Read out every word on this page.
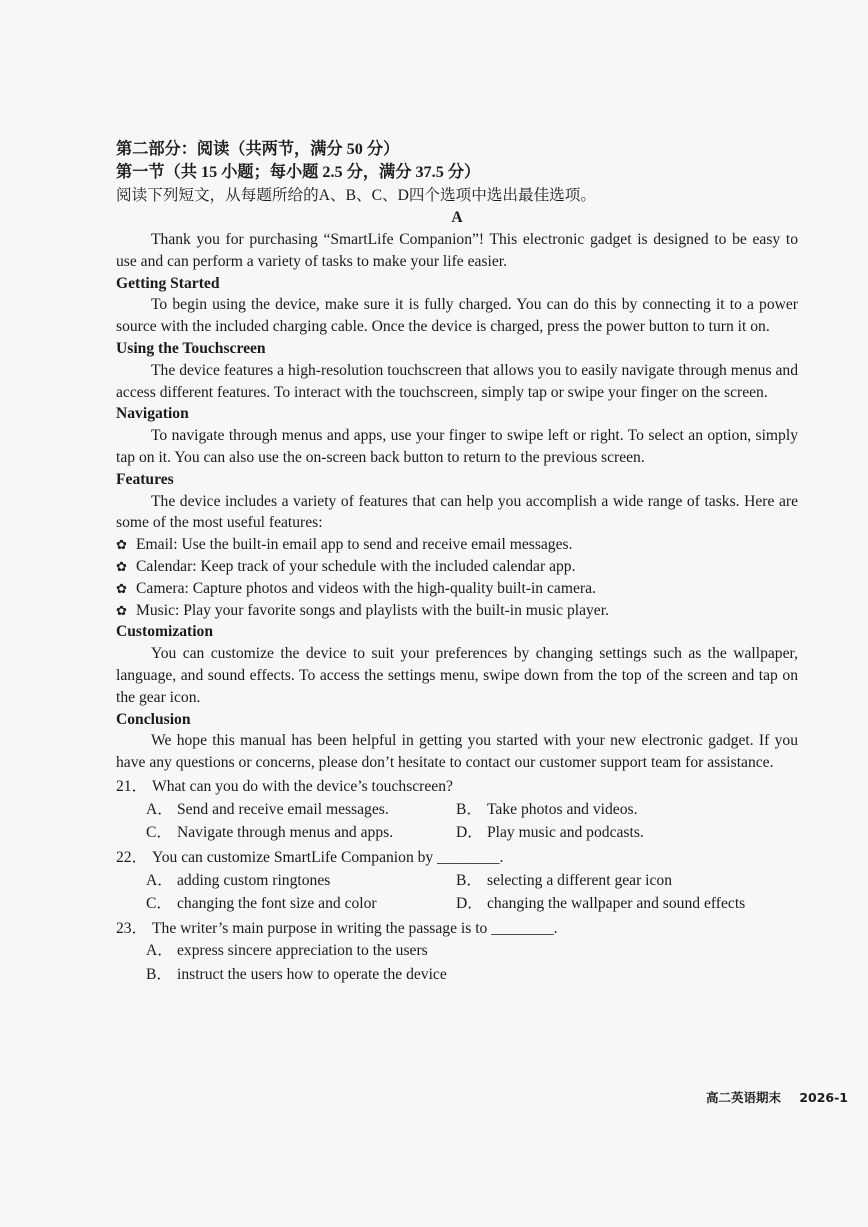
第二部分：阅读（共两节，满分 50 分）
第一节（共 15 小题；每小题 2.5 分，满分 37.5 分）
阅读下列短文，从每题所给的A、B、C、D四个选项中选出最佳选项。
A

Thank you for purchasing “SmartLife Companion”! This electronic gadget is designed to be easy to use and can perform a variety of tasks to make your life easier.

Getting Started

To begin using the device, make sure it is fully charged. You can do this by connecting it to a power source with the included charging cable. Once the device is charged, press the power button to turn it on.

Using the Touchscreen

The device features a high-resolution touchscreen that allows you to easily navigate through menus and access different features. To interact with the touchscreen, simply tap or swipe your finger on the screen.

Navigation

To navigate through menus and apps, use your finger to swipe left or right. To select an option, simply tap on it. You can also use the on-screen back button to return to the previous screen.

Features

The device includes a variety of features that can help you accomplish a wide range of tasks. Here are some of the most useful features:

✿ Email: Use the built-in email app to send and receive email messages.
✿ Calendar: Keep track of your schedule with the included calendar app.
✿ Camera: Capture photos and videos with the high-quality built-in camera.
✿ Music: Play your favorite songs and playlists with the built-in music player.
Customization

You can customize the device to suit your preferences by changing settings such as the wallpaper, language, and sound effects. To access the settings menu, swipe down from the top of the screen and tap on the gear icon.

Conclusion

We hope this manual has been helpful in getting you started with your new electronic gadget. If you have any questions or concerns, please don’t hesitate to contact our customer support team for assistance.

21． What can you do with the device’s touchscreen?
A． Send and receive email messages.	B． Take photos and videos.
C． Navigate through menus and apps.	D． Play music and podcasts.
22． You can customize SmartLife Companion by ________.
A． adding custom ringtones	B． selecting a different gear icon
C． changing the font size and color	D． changing the wallpaper and sound effects
23． The writer’s main purpose in writing the passage is to ________.
A． express sincere appreciation to the users
B． instruct the users how to operate the device
高二英语期末 2026-1
